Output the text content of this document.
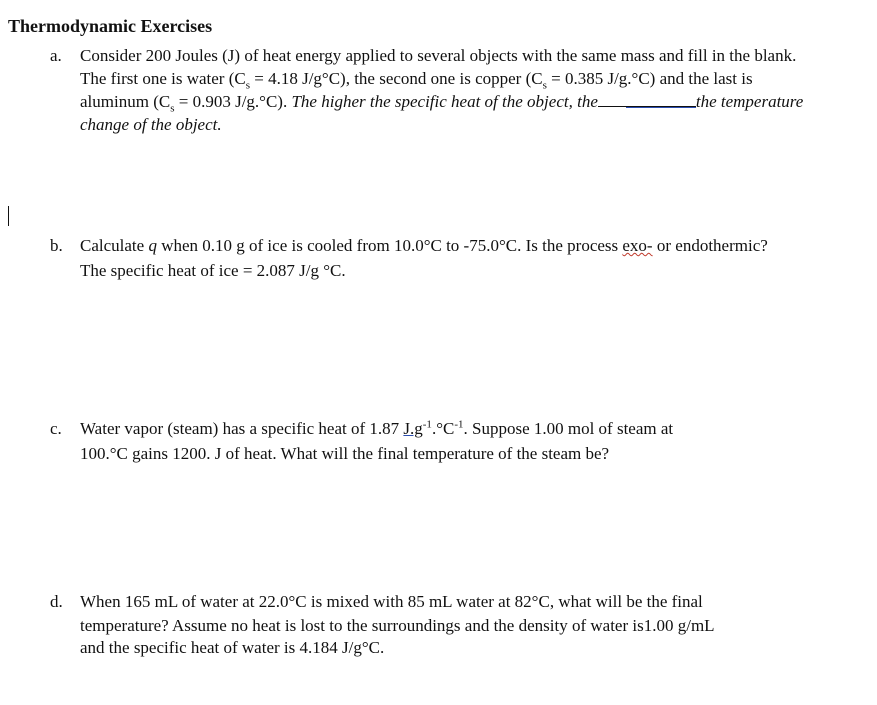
Thermodynamic Exercises
a. Consider 200 Joules (J) of heat energy applied to several objects with the same mass and fill in the blank.
The first one is water ($C_s = 4.18$ J/g°C), the second one is copper ($C_s = 0.385$ J/g.°C) and the last is
aluminum ($C_s = 0.903$ J/g.°C). The higher the specific heat of the object, the	the temperature
change of the object.
b. Calculate q when 0.10 g of ice is cooled from 10.0°C to -75.0°C. Is the process exo- or endothermic?
The specific heat of ice = 2.087 J/g °C.
c. Water vapor (steam) has a specific heat of 1.87 $J.g^{-1}.^\circ C^{-1}$. Suppose 1.00 mol of steam at
100.°C gains 1200. J of heat. What will the final temperature of the steam be?
d. When 165 mL of water at 22.0°C is mixed with 85 mL water at 82°C, what will be the final
temperature? Assume no heat is lost to the surroundings and the density of water is1.00 g/mL
and the specific heat of water is 4.184 J/g°C.
